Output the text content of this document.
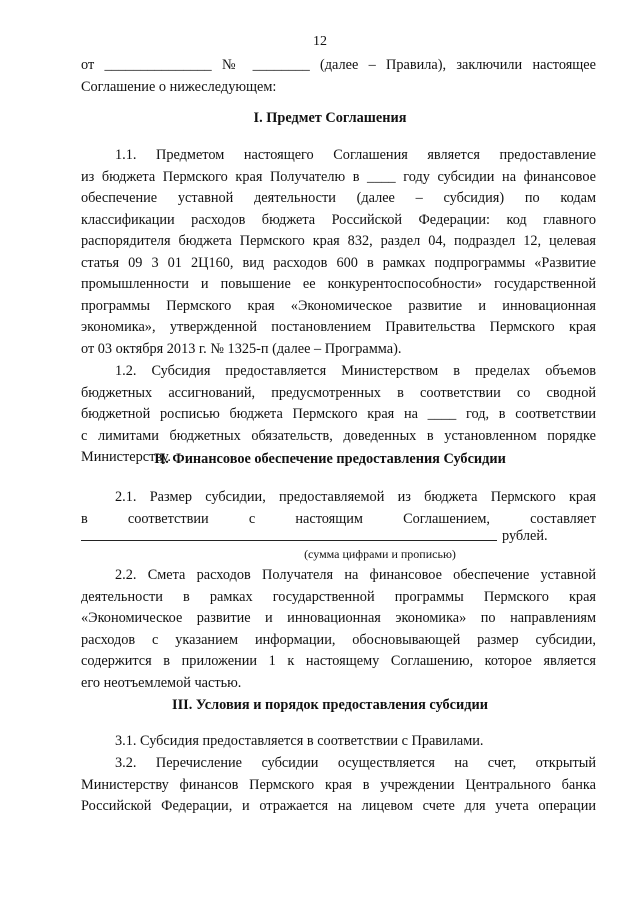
12
от _______________ № ________ (далее – Правила), заключили настоящее
Соглашение о нижеследующем:
I. Предмет Соглашения
1.1. Предметом настоящего Соглашения является предоставление
из бюджета Пермского края Получателю в ____ году субсидии на финансовое
обеспечение уставной деятельности (далее – субсидия) по кодам
классификации расходов бюджета Российской Федерации: код главного
распорядителя бюджета Пермского края 832, раздел 04, подраздел 12, целевая
статья 09 3 01 2Ц160, вид расходов 600 в рамках подпрограммы «Развитие
промышленности и повышение ее конкурентоспособности» государственной
программы Пермского края «Экономическое развитие и инновационная
экономика», утвержденной постановлением Правительства Пермского края
от 03 октября 2013 г. № 1325-п (далее – Программа).
1.2. Субсидия предоставляется Министерством в пределах объемов
бюджетных ассигнований, предусмотренных в соответствии со сводной
бюджетной росписью бюджета Пермского края на ____ год, в соответствии
с лимитами бюджетных обязательств, доведенных в установленном порядке
Министерству.
II. Финансовое обеспечение предоставления Субсидии
2.1. Размер субсидии, предоставляемой из бюджета Пермского края
в соответствии с настоящим Соглашением, составляет
рублей.
(сумма цифрами и прописью)
2.2. Смета расходов Получателя на финансовое обеспечение уставной
деятельности в рамках государственной программы Пермского края
«Экономическое развитие и инновационная экономика» по направлениям
расходов с указанием информации, обосновывающей размер субсидии,
содержится в приложении 1 к настоящему Соглашению, которое является
его неотъемлемой частью.
III. Условия и порядок предоставления субсидии
3.1. Субсидия предоставляется в соответствии с Правилами.
3.2. Перечисление субсидии осуществляется на счет, открытый
Министерству финансов Пермского края в учреждении Центрального банка
Российской Федерации, и отражается на лицевом счете для учета операции
